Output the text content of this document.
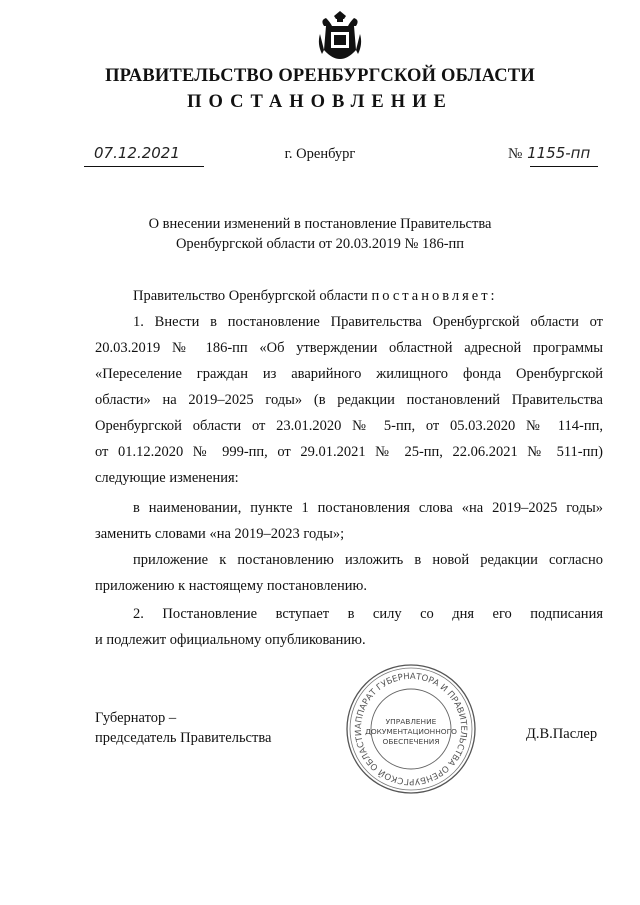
ПРАВИТЕЛЬСТВО ОРЕНБУРГСКОЙ ОБЛАСТИ
ПОСТАНОВЛЕНИЕ
07.12.2021	г. Оренбург	№ 1155-пп
О внесении изменений в постановление Правительства
Оренбургской области от 20.03.2019 № 186-пп
Правительство Оренбургской области постановляет:
1. Внести в постановление Правительства Оренбургской области от
20.03.2019 № 186-пп «Об утверждении областной адресной программы
«Переселение граждан из аварийного жилищного фонда Оренбургской
области» на 2019–2025 годы» (в редакции постановлений Правительства
Оренбургской области от 23.01.2020 № 5-пп, от 05.03.2020 № 114-пп,
от 01.12.2020 № 999-пп, от 29.01.2021 № 25-пп, 22.06.2021 № 511-пп)
следующие изменения:
в наименовании, пункте 1 постановления слова «на 2019–2025 годы»
заменить словами «на 2019–2023 годы»;
приложение к постановлению изложить в новой редакции согласно
приложению к настоящему постановлению.
2. Постановление вступает в силу со дня его подписания
и подлежит официальному опубликованию.
Губернатор –
председатель Правительства	Д.В.Паслер
АППАРАТ ГУБЕРНАТОРА И ПРАВИТЕЛЬСТВА ОРЕНБУРГСКОЙ ОБЛАСТИ
УПРАВЛЕНИЕ
ДОКУМЕНТАЦИОННОГО
ОБЕСПЕЧЕНИЯ
